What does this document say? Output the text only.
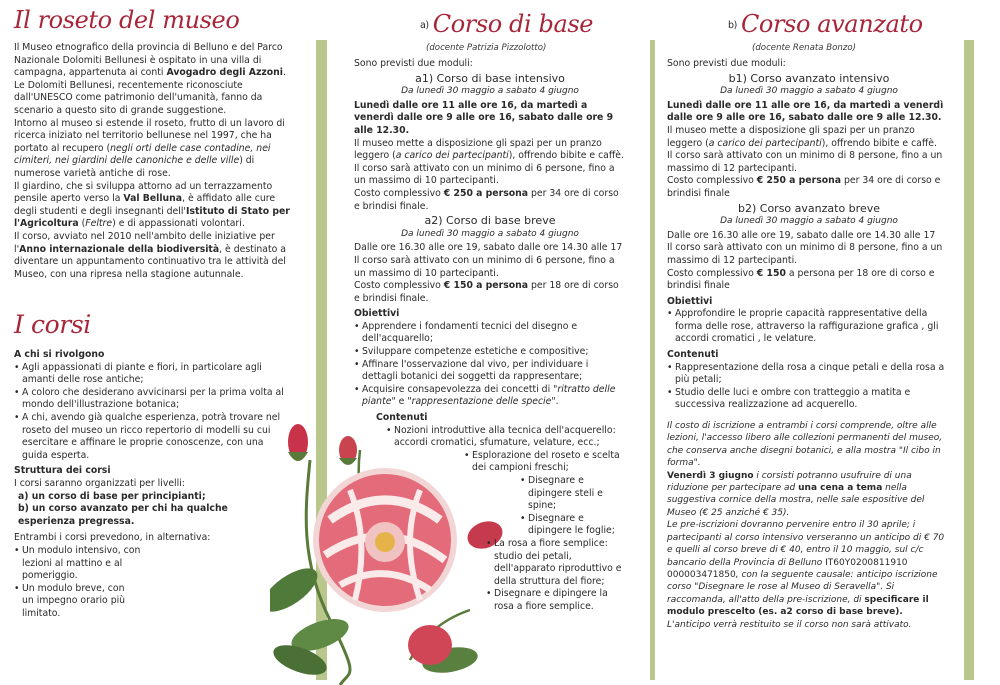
Il roseto del museo
I corsi

Il Museo etnografico della provincia di Belluno e del Parco Nazionale Dolomiti Bellunesi è ospitato in una villa di campagna, appartenuta ai conti Avogadro degli Azzoni. Le Dolomiti Bellunesi, recentemente riconosciute dall'UNESCO come patrimonio dell'umanità, fanno da scenario a questo sito di grande suggestione.

Intorno al museo si estende il roseto, frutto di un lavoro di ricerca iniziato nel territorio bellunese nel 1997, che ha portato al recupero (negli orti delle case contadine, nei cimiteri, nei giardini delle canoniche e delle ville) di numerose varietà antiche di rose.

Il giardino, che si sviluppa attorno ad un terrazzamento pensile aperto verso la Val Belluna, è affidato alle cure degli studenti e degli insegnanti dell'Istituto di Stato per l'Agricoltura (Feltre) e di appassionati volontari.

Il corso, avviato nel 2010 nell'ambito delle iniziative per l'Anno internazionale della biodiversità, è destinato a diventare un appuntamento continuativo tra le attività del Museo, con una ripresa nella stagione autunnale.

A chi si rivolgono
• Agli appassionati di piante e fiori, in particolare agli amanti delle rose antiche;
• A coloro che desiderano avvicinarsi per la prima volta al mondo dell'illustrazione botanica;
• A chi, avendo già qualche esperienza, potrà trovare nel roseto del museo un ricco repertorio di modelli su cui esercitare e affinare le proprie conoscenze, con una guida esperta.
Struttura dei corsi

I corsi saranno organizzati per livelli:

a) un corso di base per principianti;

b) un corso avanzato per chi ha qualche esperienza pregressa.

Entrambi i corsi prevedono, in alternativa:

• Un modulo intensivo, con lezioni al mattino e al pomeriggio.
• Un modulo breve, con un impegno orario più limitato.
a) Corso di base
(docente Patrizia Pizzolotto)

Sono previsti due moduli:

a1) Corso di base intensivo
Da lunedì 30 maggio a sabato 4 giugno

Lunedì dalle ore 11 alle ore 16, da martedì a venerdì dalle ore 9 alle ore 16, sabato dalle ore 9 alle 12.30.

Il museo mette a disposizione gli spazi per un pranzo leggero (a carico dei partecipanti), offrendo bibite e caffè.

Il corso sarà attivato con un minimo di 6 persone, fino a un massimo di 10 partecipanti.

Costo complessivo € 250 a persona per 34 ore di corso e brindisi finale.

a2) Corso di base breve
Da lunedì 30 maggio a sabato 4 giugno

Dalle ore 16.30 alle ore 19, sabato dalle ore 14.30 alle 17

Il corso sarà attivato con un minimo di 6 persone, fino a un massimo di 10 partecipanti.

Costo complessivo € 150 a persona per 18 ore di corso e brindisi finale.

Obiettivi
• Apprendere i fondamenti tecnici del disegno e dell'acquarello;
• Sviluppare competenze estetiche e compositive;
• Affinare l'osservazione dal vivo, per individuare i dettagli botanici dei soggetti da rappresentare;
• Acquisire consapevolezza dei concetti di "ritratto delle piante" e "rappresentazione delle specie".
Contenuti
• Nozioni introduttive alla tecnica dell'acquerello: accordi cromatici, sfumature, velature, ecc.;
• Esplorazione del roseto e scelta dei campioni freschi;
• Disegnare e dipingere steli e spine;
• Disegnare e dipingere le foglie;
• La rosa a fiore semplice: studio dei petali, dell'apparato riproduttivo e della struttura del fiore;
• Disegnare e dipingere la rosa a fiore semplice.
b) Corso avanzato
(docente Renata Bonzo)

Sono previsti due moduli:

b1) Corso avanzato intensivo
Da lunedì 30 maggio a sabato 4 giugno

Lunedì dalle ore 11 alle ore 16, da martedì a venerdì dalle ore 9 alle ore 16, sabato dalle ore 9 alle 12.30.

Il museo mette a disposizione gli spazi per un pranzo leggero (a carico dei partecipanti), offrendo bibite e caffè.

Il corso sarà attivato con un minimo di 8 persone, fino a un massimo di 12 partecipanti.

Costo complessivo € 250 a persona per 34 ore di corso e brindisi finale

b2) Corso avanzato breve
Da lunedì 30 maggio a sabato 4 giugno

Dalle ore 16.30 alle ore 19, sabato dalle ore 14.30 alle 17

Il corso sarà attivato con un minimo di 8 persone, fino a un massimo di 12 partecipanti.

Costo complessivo € 150 a persona per 18 ore di corso e brindisi finale

Obiettivi
• Approfondire le proprie capacità rappresentative della forma delle rose, attraverso la raffigurazione grafica , gli accordi cromatici , le velature.
Contenuti
• Rappresentazione della rosa a cinque petali e della rosa a più petali;
• Studio delle luci e ombre con tratteggio a matita e successiva realizzazione ad acquerello.

Il costo di iscrizione a entrambi i corsi comprende, oltre alle lezioni, l'accesso libero alle collezioni permanenti del museo, che conserva anche disegni botanici, e alla mostra "Il cibo in forma".

Venerdì 3 giugno i corsisti potranno usufruire di una riduzione per partecipare ad una cena a tema nella suggestiva cornice della mostra, nelle sale espositive del Museo (€ 25 anziché € 35).

Le pre-iscrizioni dovranno pervenire entro il 30 aprile; i partecipanti al corso intensivo verseranno un anticipo di € 70 e quelli al corso breve di € 40, entro il 10 maggio, sul c/c bancario della Provincia di Belluno IT60Y0200811910 000003471850, con la seguente causale: anticipo iscrizione corso "Disegnare le rose al Museo di Seravella". Si raccomanda, all'atto della pre-iscrizione, di specificare il modulo prescelto (es. a2 corso di base breve).

L'anticipo verrà restituito se il corso non sarà attivato.
